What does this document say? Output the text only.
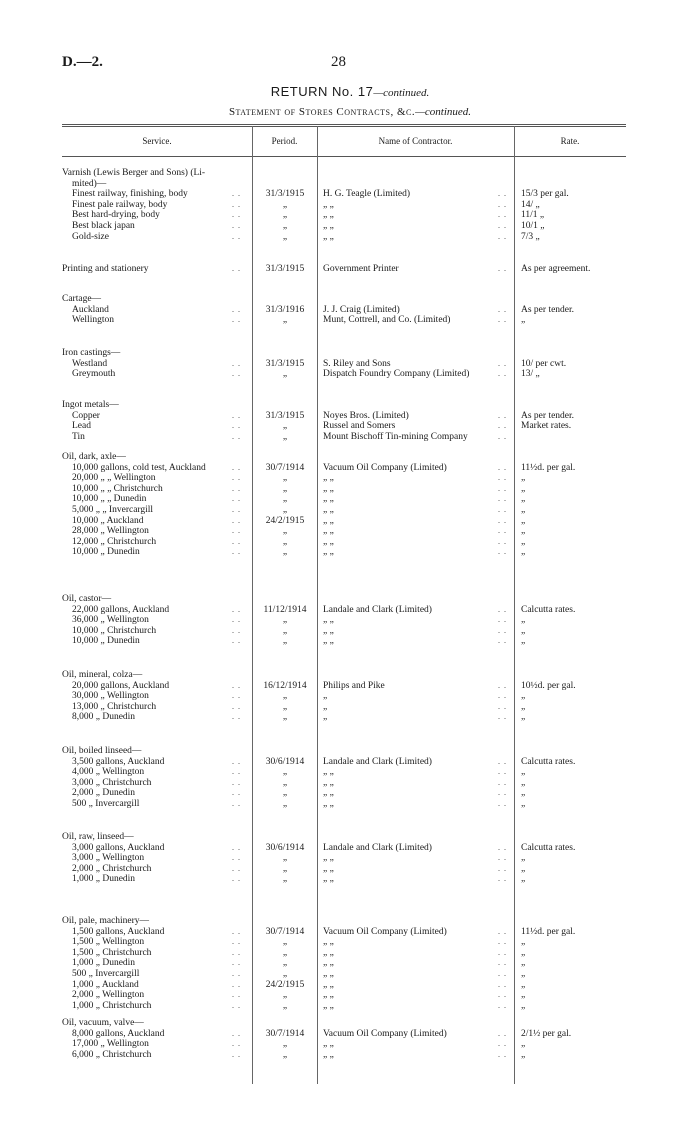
D.—2.	28
RETURN No. 17—continued.
Statement of Stores Contracts, &c.—continued.
Service.	Period.	Name of Contractor.	Rate.
Varnish (Lewis Berger and Sons) (Li-
mited)—
Finest railway, finishing, body	31/3/1915	H. G. Teagle (Limited)	15/3 per gal.
. .	. .
Finest pale railway, body	„	„ „	14/ „
. .	. .
Best hard-drying, body	„	„ „	11/1 „
. .	. .
Best black japan	„	„ „	10/1 „
. .	. .
Gold-size	„	„ „	7/3 „
. .	. .
Printing and stationery	31/3/1915	Government Printer	As per agreement.
. .	. .
Cartage—
Auckland	31/3/1916	J. J. Craig (Limited)	As per tender.
. .	. .
Wellington	„	Munt, Cottrell, and Co. (Limited)	„
. .	. .
Iron castings—
Westland	31/3/1915	S. Riley and Sons	10/ per cwt.
. .	. .
Greymouth	„	Dispatch Foundry Company (Limited)	13/ „
. .	. .
Ingot metals—
Copper	31/3/1915	Noyes Bros. (Limited)	As per tender.
. .	. .
Lead	„	Russel and Somers	Market rates.
. .	. .
Tin	„	Mount Bischoff Tin-mining Company
. .	. .
Oil, dark, axle—
10,000 gallons, cold test, Auckland	30/7/1914	Vacuum Oil Company (Limited)	11½d. per gal.
. .	. .
20,000 „ „ Wellington	„	„ „	„
. .	. .
10,000 „ „ Christchurch	„	„ „	„
. .	. .
10,000 „ „ Dunedin	„	„ „	„
. .	. .
5,000 „ „ Invercargill	„	„ „	„
. .	. .
10,000 „ Auckland	24/2/1915	„ „	„
. .	. .
28,000 „ Wellington	„	„ „	„
. .	. .
12,000 „ Christchurch	„	„ „	„
. .	. .
10,000 „ Dunedin	„	„ „	„
. .	. .
Oil, castor—
22,000 gallons, Auckland	11/12/1914	Landale and Clark (Limited)	Calcutta rates.
. .	. .
36,000 „ Wellington	„	„ „	„
. .	. .
10,000 „ Christchurch	„	„ „	„
. .	. .
10,000 „ Dunedin	„	„ „	„
. .	. .
Oil, mineral, colza—
20,000 gallons, Auckland	16/12/1914	Philips and Pike	10½d. per gal.
. .	. .
30,000 „ Wellington	„	„	„
. .	. .
13,000 „ Christchurch	„	„	„
. .	. .
8,000 „ Dunedin	„	„	„
. .	. .
Oil, boiled linseed—
3,500 gallons, Auckland	30/6/1914	Landale and Clark (Limited)	Calcutta rates.
. .	. .
4,000 „ Wellington	„	„ „	„
. .	. .
3,000 „ Christchurch	„	„ „	„
. .	. .
2,000 „ Dunedin	„	„ „	„
. .	. .
500 „ Invercargill	„	„ „	„
. .	. .
Oil, raw, linseed—
3,000 gallons, Auckland	30/6/1914	Landale and Clark (Limited)	Calcutta rates.
. .	. .
3,000 „ Wellington	„	„ „	„
. .	. .
2,000 „ Christchurch	„	„ „	„
. .	. .
1,000 „ Dunedin	„	„ „	„
. .	. .
Oil, pale, machinery—
1,500 gallons, Auckland	30/7/1914	Vacuum Oil Company (Limited)	11½d. per gal.
. .	. .
1,500 „ Wellington	„	„ „	„
. .	. .
1,500 „ Christchurch	„	„ „	„
. .	. .
1,000 „ Dunedin	„	„ „	„
. .	. .
500 „ Invercargill	„	„ „	„
. .	. .
1,000 „ Auckland	24/2/1915	„ „	„
. .	. .
2,000 „ Wellington	„	„ „	„
. .	. .
1,000 „ Christchurch	„	„ „	„
. .	. .
Oil, vacuum, valve—
8,000 gallons, Auckland	30/7/1914	Vacuum Oil Company (Limited)	2/1½ per gal.
. .	. .
17,000 „ Wellington	„	„ „	„
. .	. .
6,000 „ Christchurch	„	„ „	„
. .	. .
